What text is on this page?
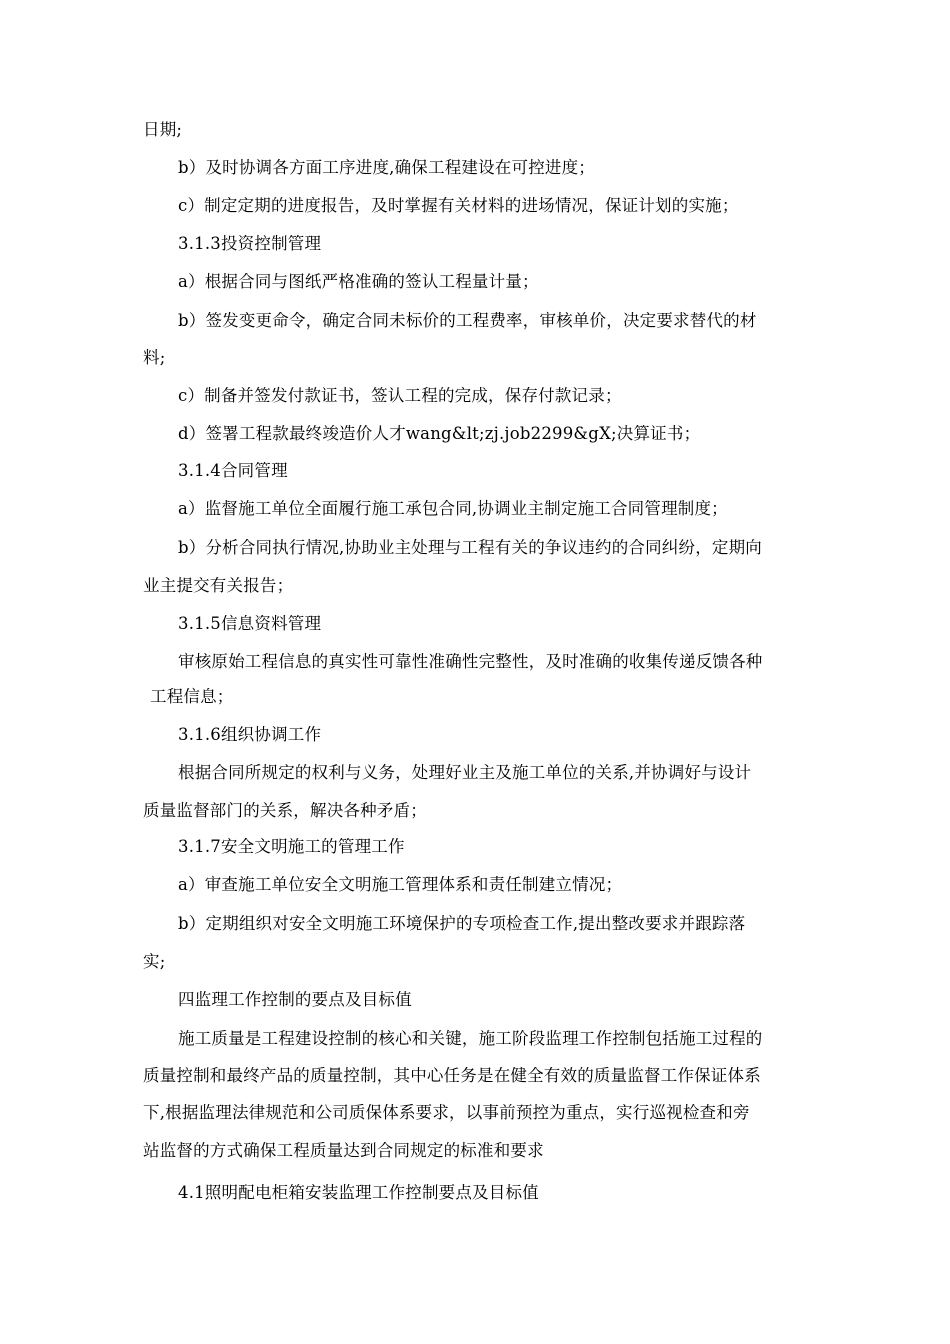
日期;
b）及时协调各方面工序进度,确保工程建设在可控进度；
c）制定定期的进度报告，及时掌握有关材料的进场情况，保证计划的实施；
3.1.3投资控制管理
a）根据合同与图纸严格准确的签认工程量计量；
b）签发变更命令，确定合同未标价的工程费率，审核单价，决定要求替代的材
料;
c）制备并签发付款证书，签认工程的完成，保存付款记录；
d）签署工程款最终竣造价人才wang&lt;zj.job2299&gX;决算证书；
3.1.4合同管理
a）监督施工单位全面履行施工承包合同,协调业主制定施工合同管理制度；
b）分析合同执行情况,协助业主处理与工程有关的争议违约的合同纠纷，定期向
业主提交有关报告；
3.1.5信息资料管理
审核原始工程信息的真实性可靠性准确性完整性，及时准确的收集传递反馈各种
工程信息；
3.1.6组织协调工作
根据合同所规定的权利与义务，处理好业主及施工单位的关系,并协调好与设计
质量监督部门的关系，解决各种矛盾；
3.1.7安全文明施工的管理工作
a）审查施工单位安全文明施工管理体系和责任制建立情况；
b）定期组织对安全文明施工环境保护的专项检查工作,提出整改要求并跟踪落
实;
四监理工作控制的要点及目标值
施工质量是工程建设控制的核心和关键，施工阶段监理工作控制包括施工过程的
质量控制和最终产品的质量控制，其中心任务是在健全有效的质量监督工作保证体系
下,根据监理法律规范和公司质保体系要求，以事前预控为重点，实行巡视检查和旁
站监督的方式确保工程质量达到合同规定的标准和要求
4.1照明配电柜箱安装监理工作控制要点及目标值
